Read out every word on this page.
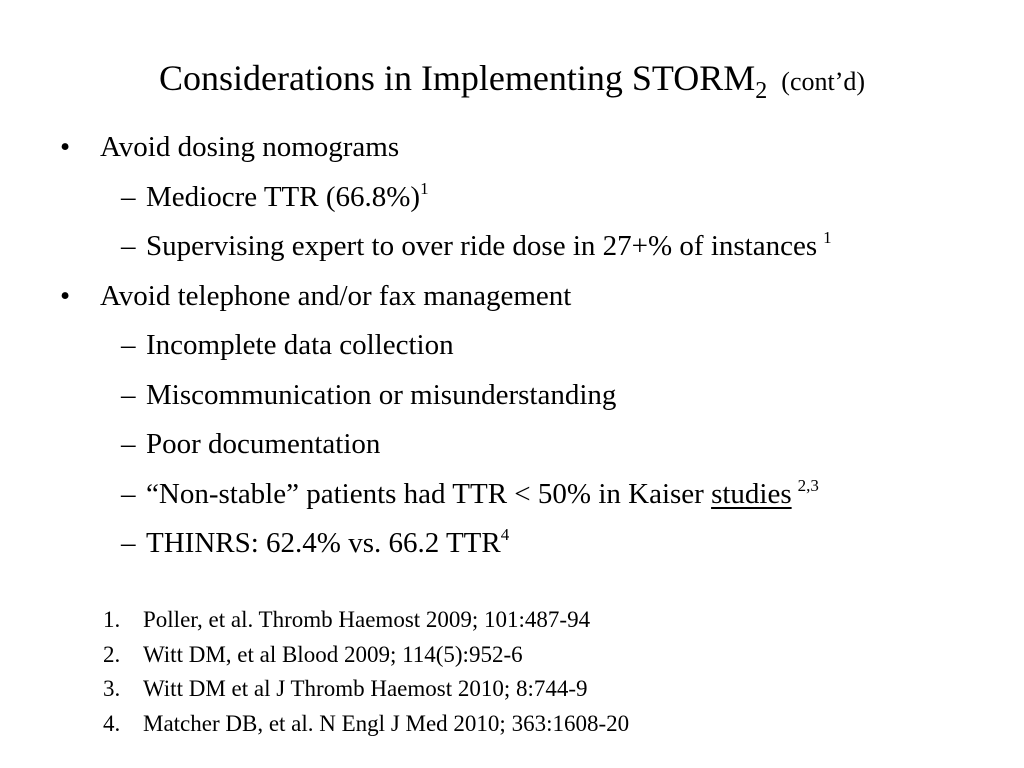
Considerations in Implementing $STORM_2$ (cont’d)
•	Avoid dosing nomograms
– Mediocre TTR $(66.8\%)^1$
– Supervising expert to over ride dose in 27+% of instances $^1$
•	Avoid telephone and/or fax management
– Incomplete data collection
– Miscommunication or misunderstanding
– Poor documentation
– “Non-stable” patients had TTR < 50% in Kaiser studies $^{2,3}$
– THINRS: 62.4% vs. 66.2 TTR$^4$
1. Poller, et al. Thromb Haemost 2009; 101:487-94
2. Witt DM, et al Blood 2009; 114(5):952-6
3. Witt DM et al J Thromb Haemost 2010; 8:744-9
4. Matcher DB, et al. N Engl J Med 2010; 363:1608-20
